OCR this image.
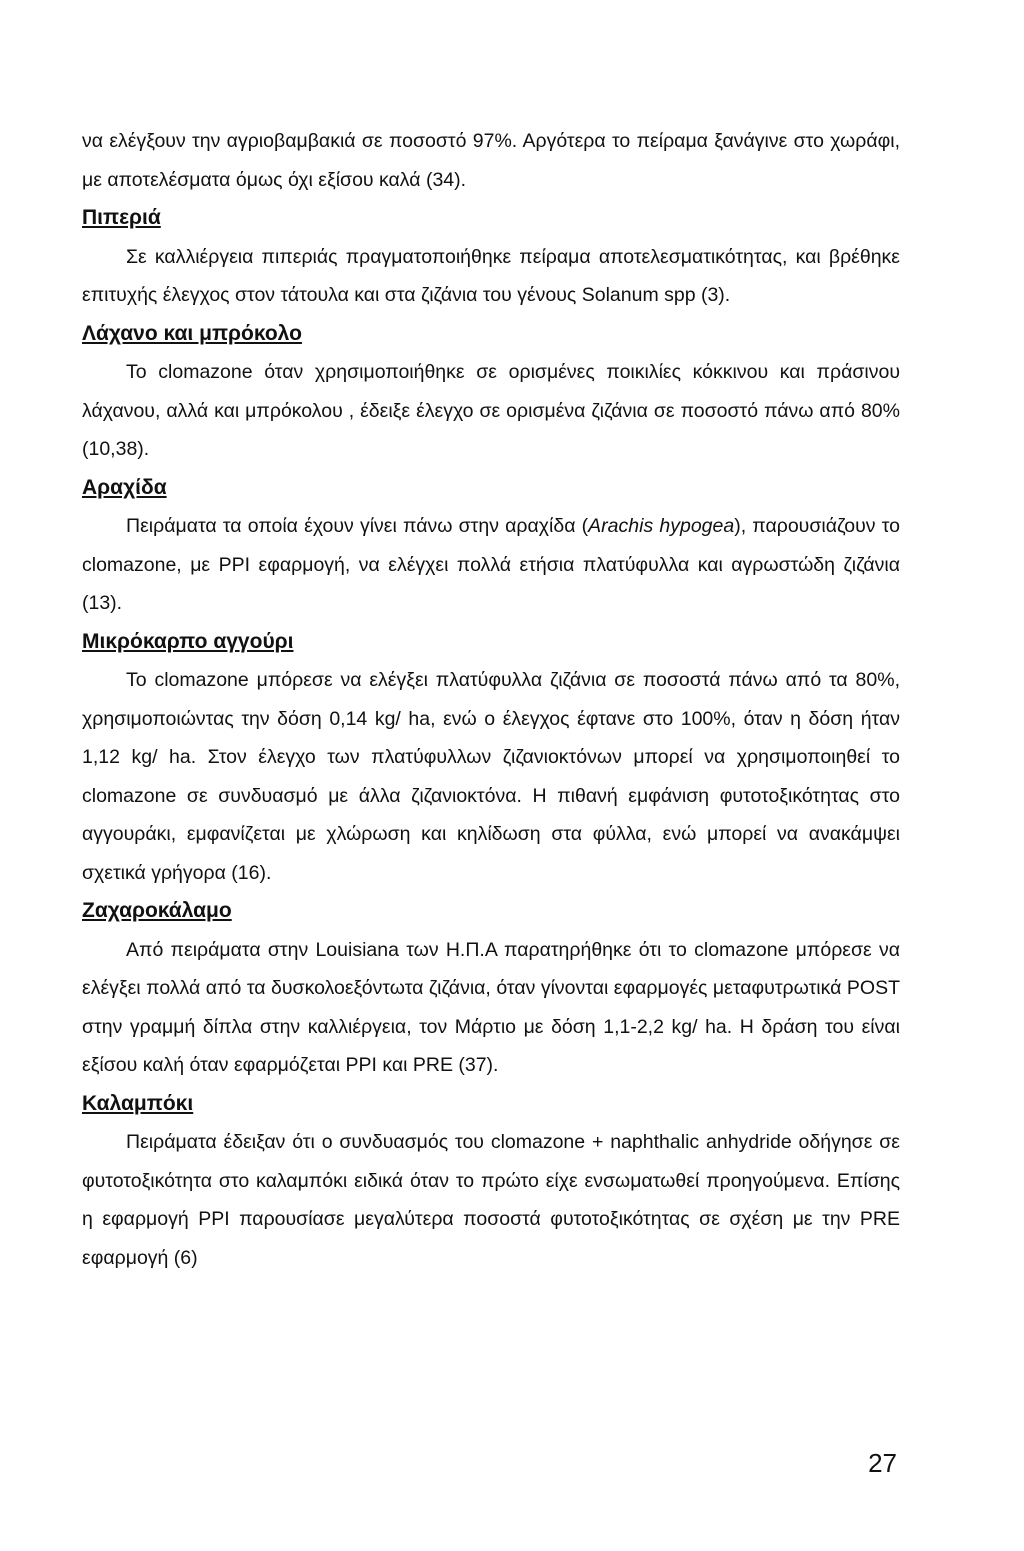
να ελέγξουν την αγριοβαμβακιά σε ποσοστό 97%. Αργότερα το πείραμα ξανάγινε στο χωράφι, με αποτελέσματα όμως όχι εξίσου καλά (34).

Πιπεριά

Σε καλλιέργεια πιπεριάς πραγματοποιήθηκε πείραμα αποτελεσματικότητας, και βρέθηκε επιτυχής έλεγχος στον τάτουλα και στα ζιζάνια του γένους Solanum spp (3).

Λάχανο και μπρόκολο

Το clomazone όταν χρησιμοποιήθηκε σε ορισμένες ποικιλίες κόκκινου και πράσινου λάχανου, αλλά και μπρόκολου , έδειξε έλεγχο σε ορισμένα ζιζάνια σε ποσοστό πάνω από 80% (10,38).

Αραχίδα

Πειράματα τα οποία έχουν γίνει πάνω στην αραχίδα (Arachis hypogea), παρουσιάζουν το clomazone, με PPI εφαρμογή, να ελέγχει πολλά ετήσια πλατύφυλλα και αγρωστώδη ζιζάνια (13).

Μικρόκαρπο αγγούρι

Το clomazone μπόρεσε να ελέγξει πλατύφυλλα ζιζάνια σε ποσοστά πάνω από τα 80%, χρησιμοποιώντας την δόση 0,14 kg/ ha, ενώ ο έλεγχος έφτανε στο 100%, όταν η δόση ήταν 1,12 kg/ ha. Στον έλεγχο των πλατύφυλλων ζιζανιοκτόνων μπορεί να χρησιμοποιηθεί το clomazone σε συνδυασμό με άλλα ζιζανιοκτόνα. Η πιθανή εμφάνιση φυτοτοξικότητας στο αγγουράκι, εμφανίζεται με χλώρωση και κηλίδωση στα φύλλα, ενώ μπορεί να ανακάμψει σχετικά γρήγορα (16).

Ζαχαροκάλαμο

Από πειράματα στην Louisiana των Η.Π.Α παρατηρήθηκε ότι το clomazone μπόρεσε να ελέγξει πολλά από τα δυσκολοεξόντωτα ζιζάνια, όταν γίνονται εφαρμογές μεταφυτρωτικά POST στην γραμμή δίπλα στην καλλιέργεια, τον Μάρτιο με δόση 1,1-2,2 kg/ ha. Η δράση του είναι εξίσου καλή όταν εφαρμόζεται PPI και PRE (37).

Καλαμπόκι

Πειράματα έδειξαν ότι ο συνδυασμός του clomazone + naphthalic anhydride οδήγησε σε φυτοτοξικότητα στο καλαμπόκι ειδικά όταν το πρώτο είχε ενσωματωθεί προηγούμενα. Επίσης η εφαρμογή PPI παρουσίασε μεγαλύτερα ποσοστά φυτοτοξικότητας σε σχέση με την PRE εφαρμογή (6)

27
